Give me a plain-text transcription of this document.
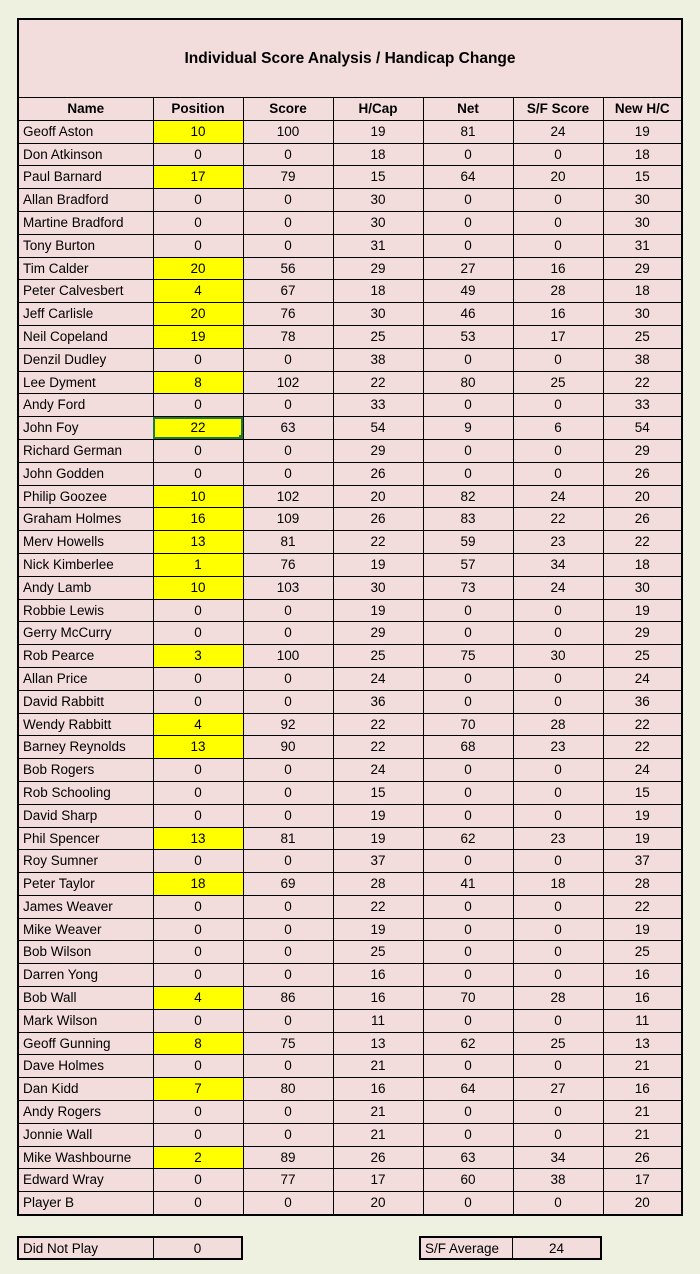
Individual Score Analysis / Handicap Change
Name	Position	Score	H/Cap	Net	S/F Score	New H/C
Geoff Aston	10	100	19	81	24	19
Don Atkinson	0	0	18	0	0	18
Paul Barnard	17	79	15	64	20	15
Allan Bradford	0	0	30	0	0	30
Martine Bradford	0	0	30	0	0	30
Tony Burton	0	0	31	0	0	31
Tim Calder	20	56	29	27	16	29
Peter Calvesbert	4	67	18	49	28	18
Jeff Carlisle	20	76	30	46	16	30
Neil Copeland	19	78	25	53	17	25
Denzil Dudley	0	0	38	0	0	38
Lee Dyment	8	102	22	80	25	22
Andy Ford	0	0	33	0	0	33
John Foy	22	63	54	9	6	54
Richard German	0	0	29	0	0	29
John Godden	0	0	26	0	0	26
Philip Goozee	10	102	20	82	24	20
Graham Holmes	16	109	26	83	22	26
Merv Howells	13	81	22	59	23	22
Nick Kimberlee	1	76	19	57	34	18
Andy Lamb	10	103	30	73	24	30
Robbie Lewis	0	0	19	0	0	19
Gerry McCurry	0	0	29	0	0	29
Rob Pearce	3	100	25	75	30	25
Allan Price	0	0	24	0	0	24
David Rabbitt	0	0	36	0	0	36
Wendy Rabbitt	4	92	22	70	28	22
Barney Reynolds	13	90	22	68	23	22
Bob Rogers	0	0	24	0	0	24
Rob Schooling	0	0	15	0	0	15
David Sharp	0	0	19	0	0	19
Phil Spencer	13	81	19	62	23	19
Roy Sumner	0	0	37	0	0	37
Peter Taylor	18	69	28	41	18	28
James Weaver	0	0	22	0	0	22
Mike Weaver	0	0	19	0	0	19
Bob Wilson	0	0	25	0	0	25
Darren Yong	0	0	16	0	0	16
Bob Wall	4	86	16	70	28	16
Mark Wilson	0	0	11	0	0	11
Geoff Gunning	8	75	13	62	25	13
Dave Holmes	0	0	21	0	0	21
Dan Kidd	7	80	16	64	27	16
Andy Rogers	0	0	21	0	0	21
Jonnie Wall	0	0	21	0	0	21
Mike Washbourne	2	89	26	63	34	26
Edward Wray	0	77	17	60	38	17
Player B	0	0	20	0	0	20
Did Not Play	0	S/F Average	24
